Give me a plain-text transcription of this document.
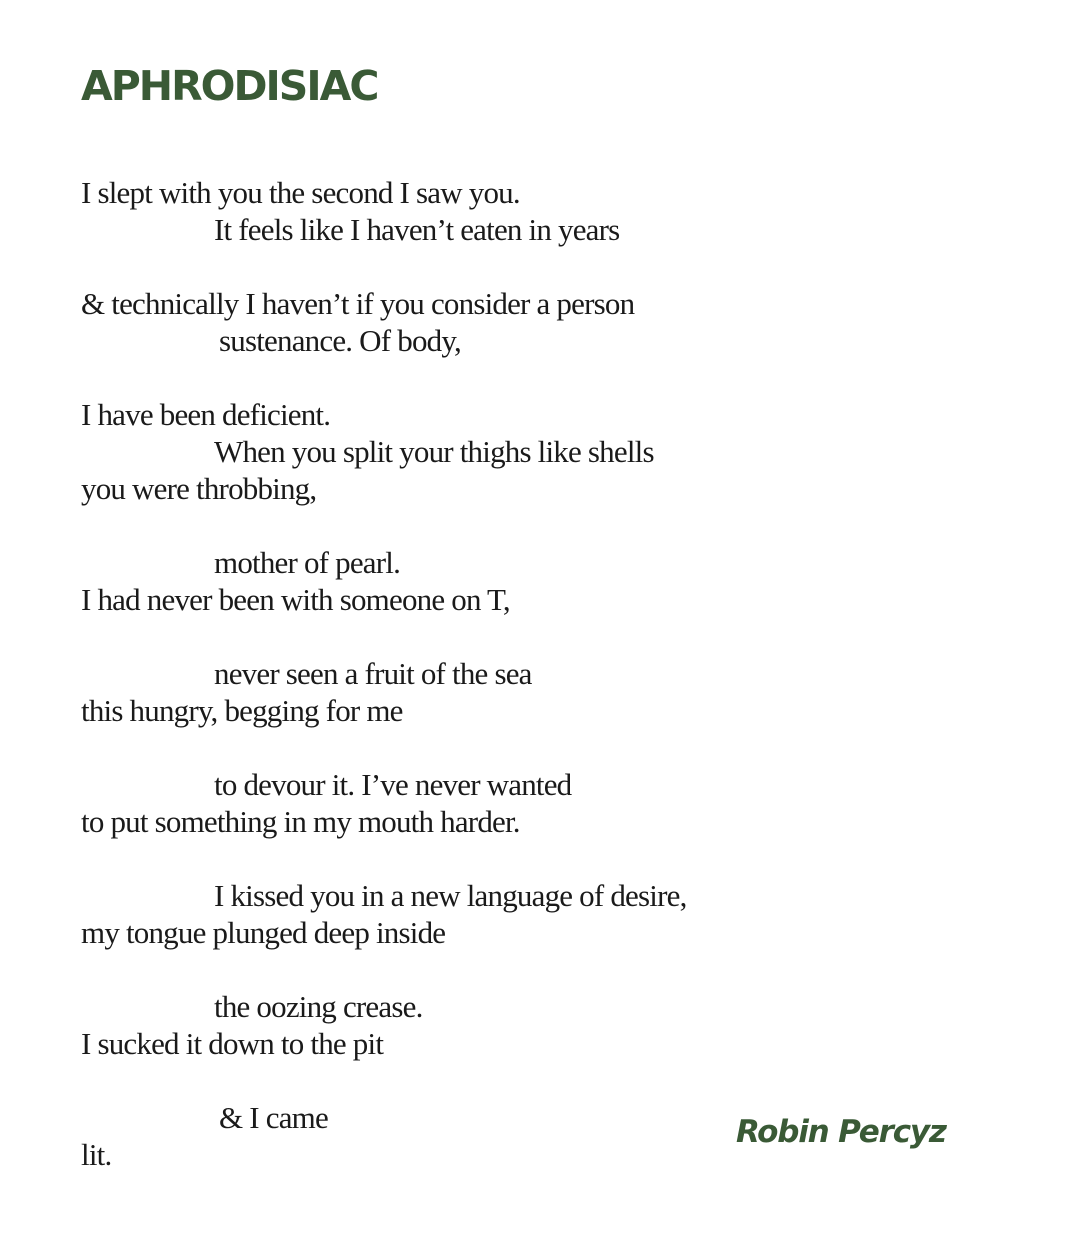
APHRODISIAC
I slept with you the second I saw you.
It feels like I haven’t eaten in years
& technically I haven’t if you consider a person
sustenance. Of body,
I have been deficient.
When you split your thighs like shells
you were throbbing,
mother of pearl.
I had never been with someone on T,
never seen a fruit of the sea
this hungry, begging for me
to devour it. I’ve never wanted
to put something in my mouth harder.
I kissed you in a new language of desire,
my tongue plunged deep inside
the oozing crease.
I sucked it down to the pit
& I came
lit.
Robin Percyz
